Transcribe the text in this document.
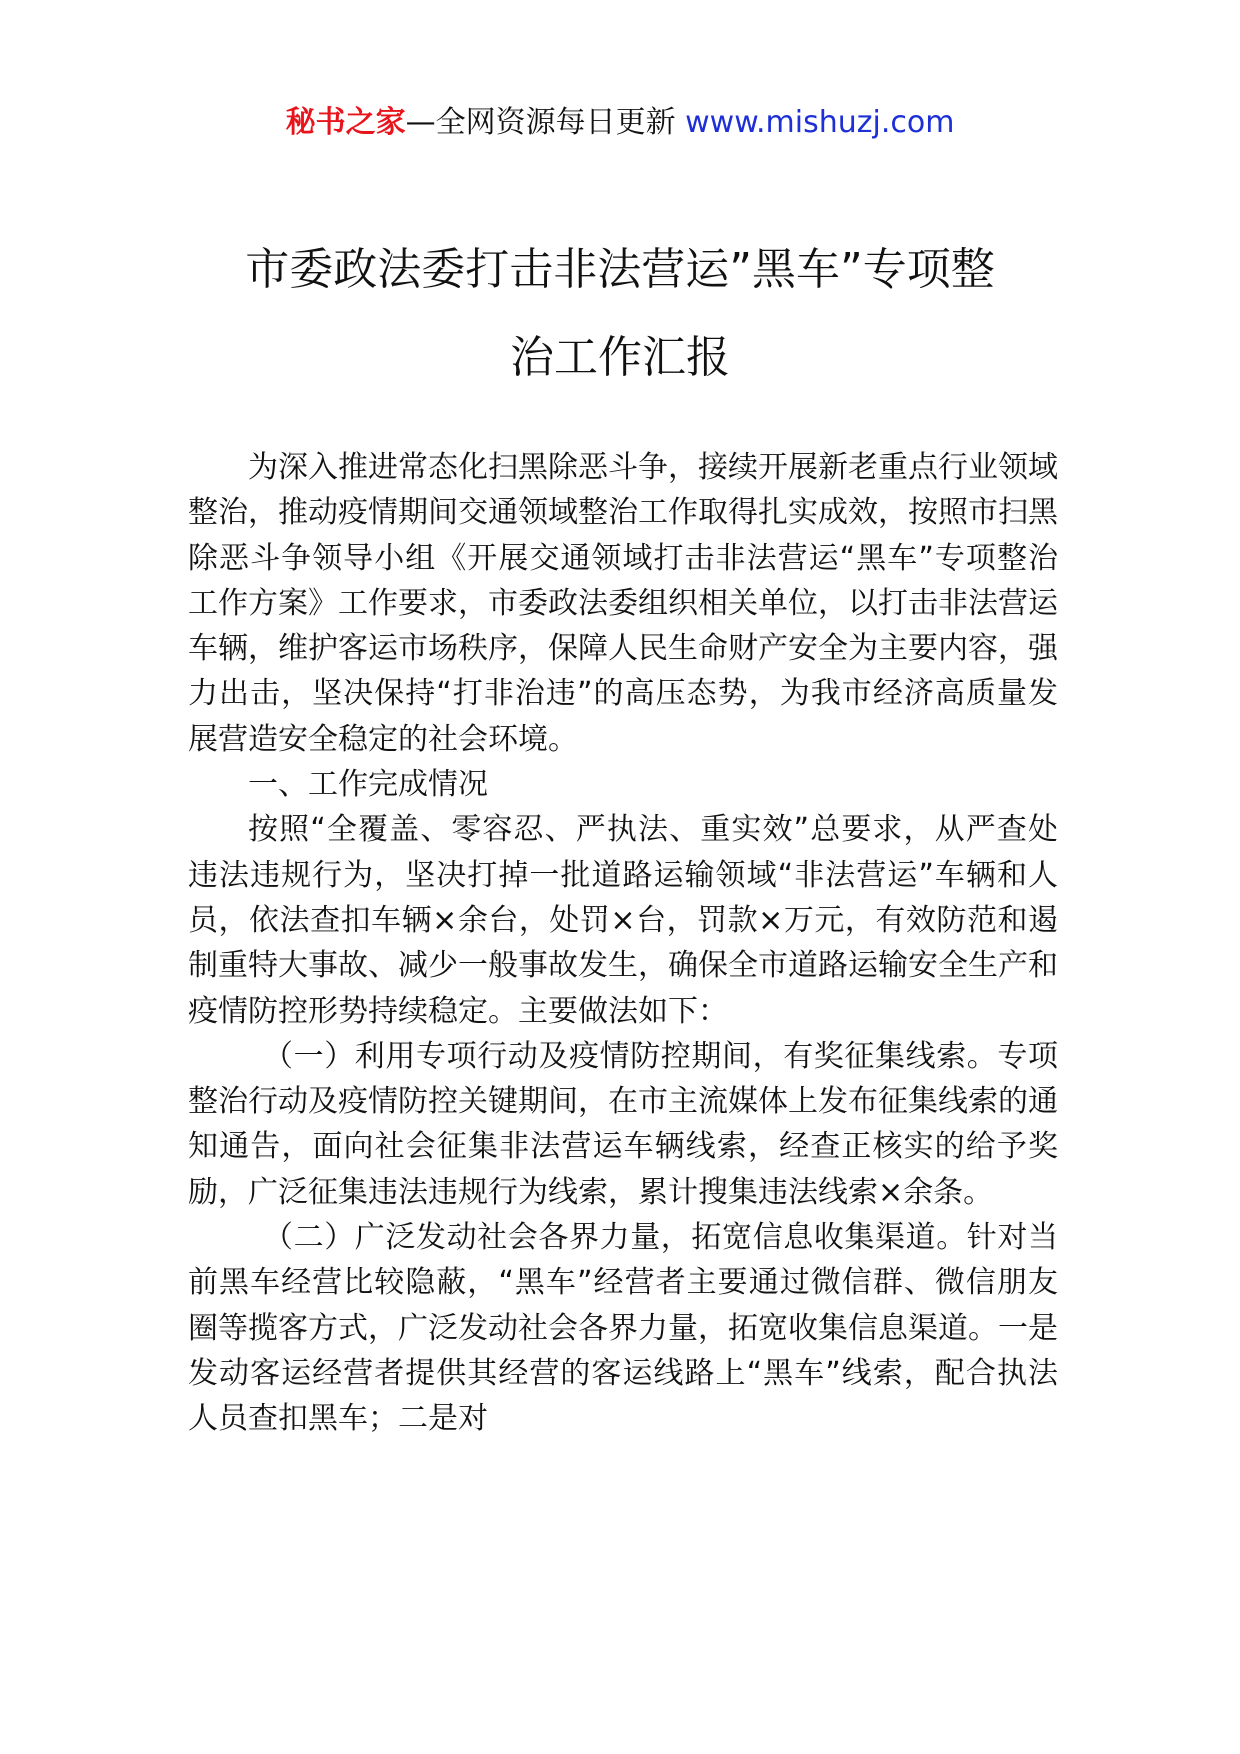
秘书之家—全网资源每日更新 www.mishuzj.com
市委政法委打击非法营运”黑车”专项整
治工作汇报

为深入推进常态化扫黑除恶斗争，接续开展新老重点行业领域整治，推动疫情期间交通领域整治工作取得扎实成效，按照市扫黑除恶斗争领导小组《开展交通领域打击非法营运“黑车”专项整治工作方案》工作要求，市委政法委组织相关单位，以打击非法营运车辆，维护客运市场秩序，保障人民生命财产安全为主要内容，强力出击，坚决保持“打非治违”的高压态势，为我市经济高质量发展营造安全稳定的社会环境。

一、工作完成情况

按照“全覆盖、零容忍、严执法、重实效”总要求，从严查处违法违规行为，坚决打掉一批道路运输领域“非法营运”车辆和人员，依法查扣车辆×余台，处罚×台，罚款×万元，有效防范和遏制重特大事故、减少一般事故发生，确保全市道路运输安全生产和疫情防控形势持续稳定。主要做法如下：

（一）利用专项行动及疫情防控期间，有奖征集线索。专项整治行动及疫情防控关键期间，在市主流媒体上发布征集线索的通知通告，面向社会征集非法营运车辆线索，经查正核实的给予奖励，广泛征集违法违规行为线索，累计搜集违法线索×余条。

（二）广泛发动社会各界力量，拓宽信息收集渠道。针对当前黑车经营比较隐蔽，“黑车”经营者主要通过微信群、微信朋友圈等揽客方式，广泛发动社会各界力量，拓宽收集信息渠道。一是发动客运经营者提供其经营的客运线路上“黑车”线索，配合执法人员查扣黑车；二是对
